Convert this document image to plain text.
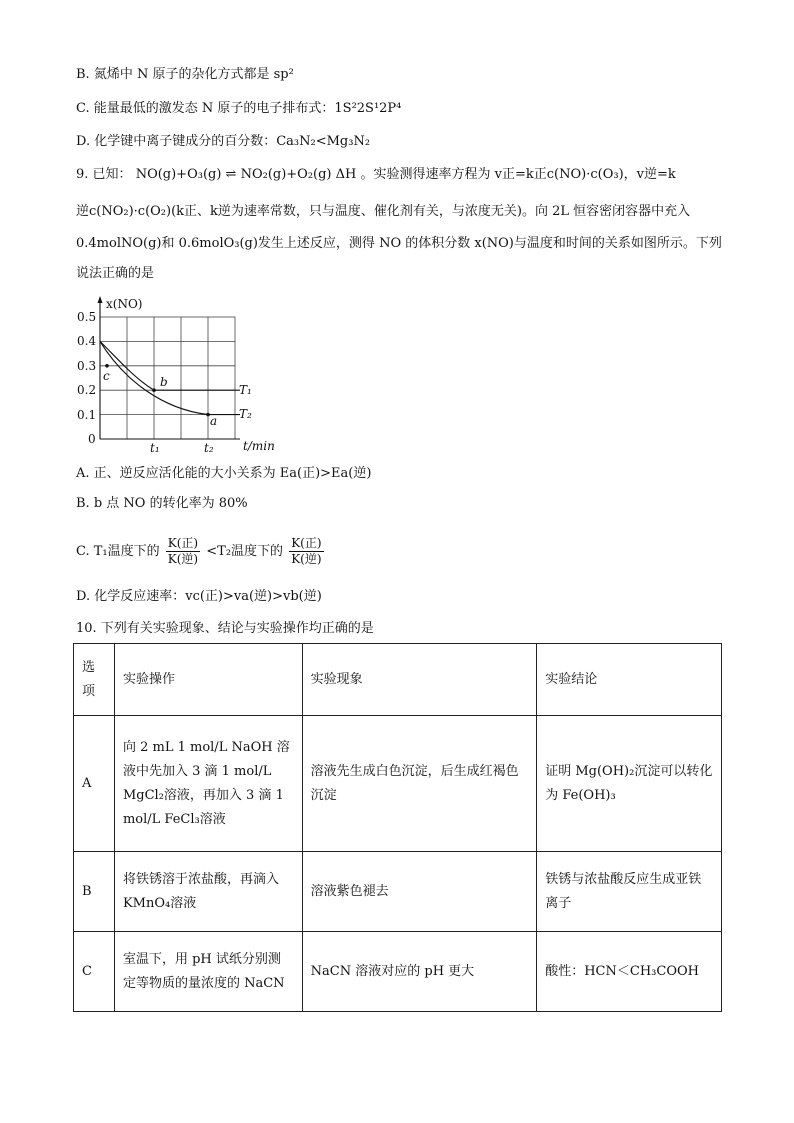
B. 氮烯中 N 原子的杂化方式都是 sp²
C. 能量最低的激发态 N 原子的电子排布式：1S²2S¹2P⁴
D. 化学键中离子键成分的百分数：Ca₃N₂<Mg₃N₂
9. 已知： NO(g)+O₃(g) ⇌ NO₂(g)+O₂(g) ΔH 。实验测得速率方程为 v正=k正c(NO)·c(O₃)，v逆=k
逆c(NO₂)·c(O₂)(k正、k逆为速率常数，只与温度、催化剂有关，与浓度无关)。向 2L 恒容密闭容器中充入
0.4molNO(g)和 0.6molO₃(g)发生上述反应，测得 NO 的体积分数 x(NO)与温度和时间的关系如图所示。下列
说法正确的是
x(NO)
t/min
0.5
0.4
0.3
0.2
0.1
0
t₁	t₂
T₁
T₂
a
b
c
A. 正、逆反应活化能的大小关系为 Ea(正)>Ea(逆)
B. b 点 NO 的转化率为 80%
C. T₁温度下的 $\frac{\text{K(正)}}{\text{K(逆)}} <T_2$温度下的 $\frac{\text{K(正)}}{\text{K(逆)}}$
D. 化学反应速率：vc(正)>va(逆)>vb(逆)
10. 下列有关实验现象、结论与实验操作均正确的是
选项	实验操作	实验现象	实验结论
A	向 2 mL 1 mol/L NaOH 溶液中先加入 3 滴 1 mol/L MgCl₂溶液，再加入 3 滴 1 mol/L FeCl₃溶液	溶液先生成白色沉淀，后生成红褐色沉淀	证明 Mg(OH)₂沉淀可以转化为 Fe(OH)₃
B	将铁锈溶于浓盐酸，再滴入 KMnO₄溶液	溶液紫色褪去	铁锈与浓盐酸反应生成亚铁离子
C	室温下，用 pH 试纸分别测定等物质的量浓度的 NaCN	NaCN 溶液对应的 pH 更大	酸性：HCN＜CH₃COOH
